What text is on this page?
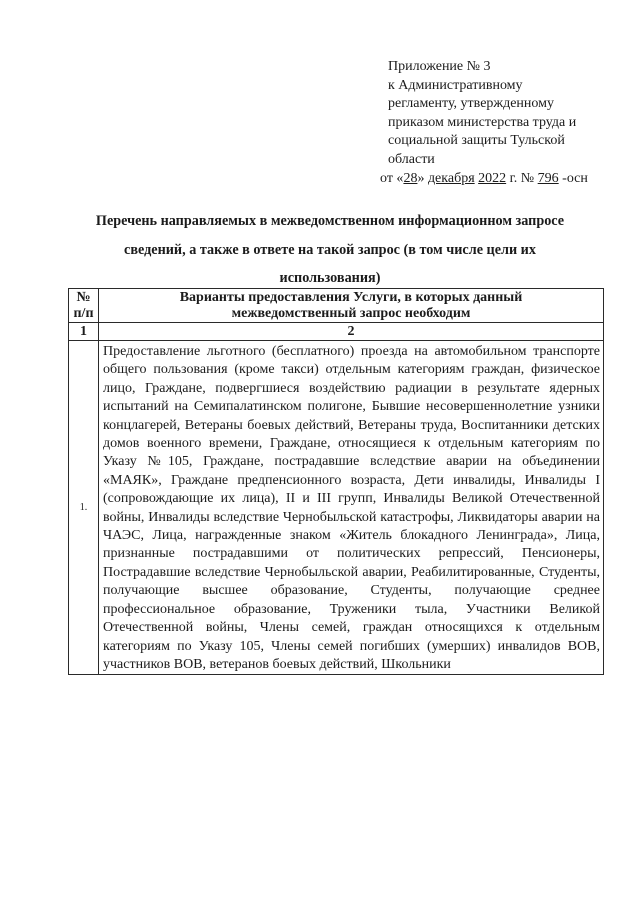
Приложение № 3
к Административному
регламенту, утвержденному
приказом министерства труда и
социальной защиты Тульской
области
от «28» декабря 2022 г. № 796 -осн
Перечень направляемых в межведомственном информационном запросе
сведений, а также в ответе на такой запрос (в том числе цели их
использования)
№
п/п	Варианты предоставления Услуги, в которых данный
межведомственный запрос необходим
1	2
1.	Предоставление льготного (бесплатного) проезда на автомобильном транспорте общего пользования (кроме такси) отдельным категориям граждан, физическое лицо, Граждане, подвергшиеся воздействию радиации в результате ядерных испытаний на Семипалатинском полигоне, Бывшие несовершеннолетние узники концлагерей, Ветераны боевых действий, Ветераны труда, Воспитанники детских домов военного времени, Граждане, относящиеся к отдельным категориям по Указу №105, Граждане, пострадавшие вследствие аварии на объединении «МАЯК», Граждане предпенсионного возраста, Дети инвалиды, Инвалиды I (сопровождающие их лица), II и III групп, Инвалиды Великой Отечественной войны, Инвалиды вследствие Чернобыльской катастрофы, Ликвидаторы аварии на ЧАЭС, Лица, награжденные знаком «Житель блокадного Ленинграда», Лица, признанные пострадавшими от политических репрессий, Пенсионеры, Пострадавшие вследствие Чернобыльской аварии, Реабилитированные, Студенты, получающие высшее образование, Студенты, получающие среднее профессиональное образование, Труженики тыла, Участники Великой Отечественной войны, Члены семей, граждан относящихся к отдельным категориям по Указу 105, Члены семей погибших (умерших) инвалидов ВОВ, участников ВОВ, ветеранов боевых действий, Школьники
